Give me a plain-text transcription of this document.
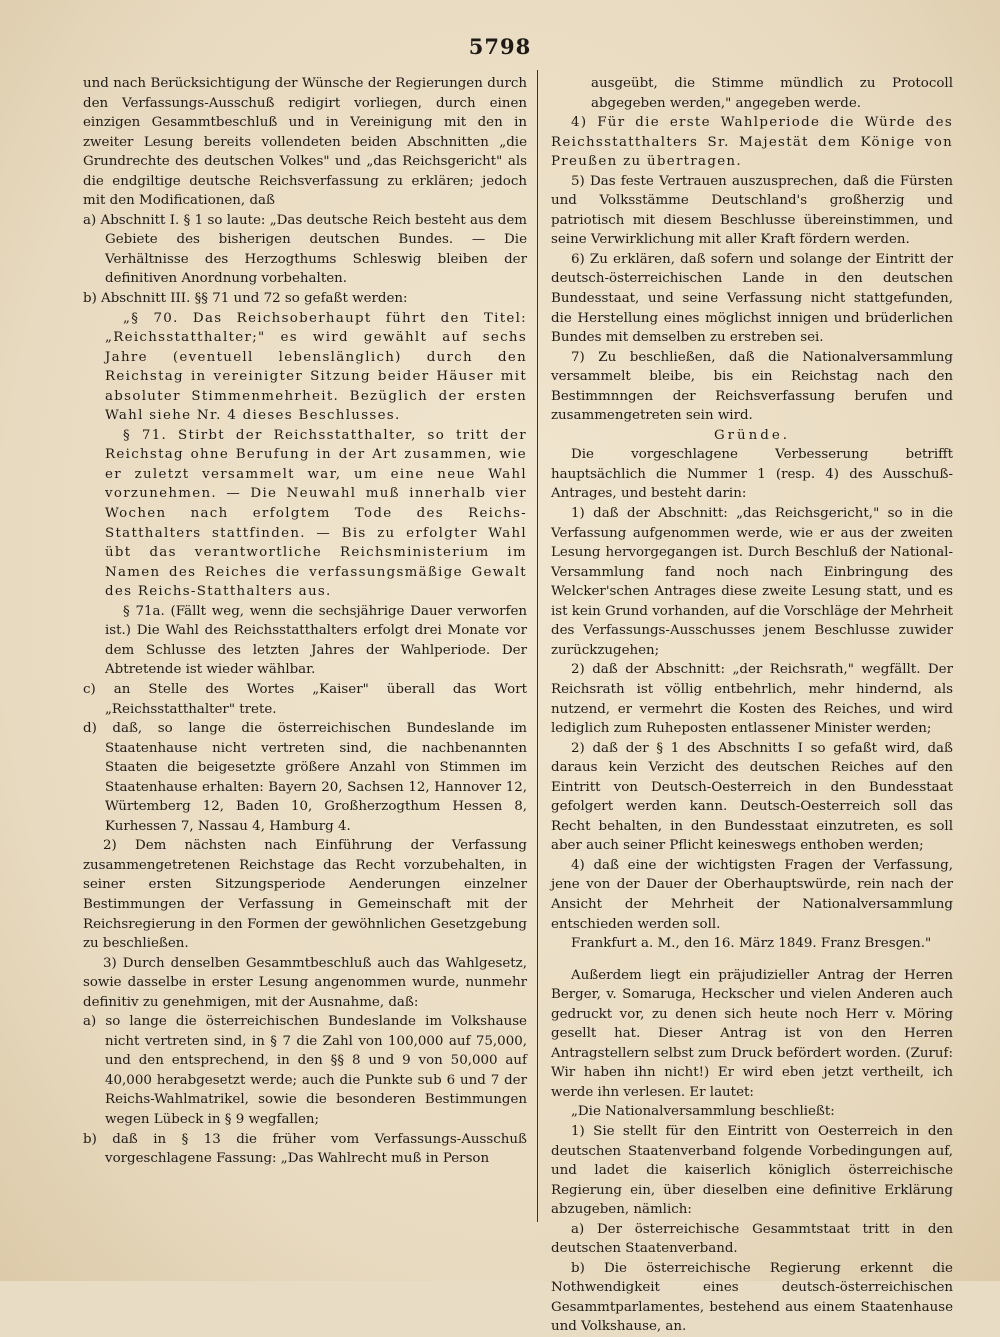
5798

und nach Berücksichtigung der Wünsche der Regierungen durch den Verfassungs-Ausschuß redigirt vorliegen, durch einen einzigen Gesammtbeschluß und in Vereinigung mit den in zweiter Lesung bereits vollendeten beiden Abschnitten „die Grundrechte des deutschen Volkes" und „das Reichsgericht" als die endgiltige deutsche Reichsverfassung zu erklären; jedoch mit den Modificationen, daß

a) Abschnitt I. § 1 so laute: „Das deutsche Reich besteht aus dem Gebiete des bisherigen deutschen Bundes. — Die Verhältnisse des Herzogthums Schleswig bleiben der definitiven Anordnung vorbehalten.

b) Abschnitt III. §§ 71 und 72 so gefaßt werden:

„§ 70. Das Reichsoberhaupt führt den Titel: „Reichsstatthalter;" es wird gewählt auf sechs Jahre (eventuell lebenslänglich) durch den Reichstag in vereinigter Sitzung beider Häuser mit absoluter Stimmenmehrheit. Bezüglich der ersten Wahl siehe Nr. 4 dieses Beschlusses.

§ 71. Stirbt der Reichsstatthalter, so tritt der Reichstag ohne Berufung in der Art zusammen, wie er zuletzt versammelt war, um eine neue Wahl vorzunehmen. — Die Neuwahl muß innerhalb vier Wochen nach erfolgtem Tode des Reichs-Statthalters stattfinden. — Bis zu erfolgter Wahl übt das verantwortliche Reichsministerium im Namen des Reiches die verfassungsmäßige Gewalt des Reichs-Statthalters aus.

§ 71a. (Fällt weg, wenn die sechsjährige Dauer verworfen ist.) Die Wahl des Reichsstatthalters erfolgt drei Monate vor dem Schlusse des letzten Jahres der Wahlperiode. Der Abtretende ist wieder wählbar.

c) an Stelle des Wortes „Kaiser" überall das Wort „Reichsstatthalter" trete.

d) daß, so lange die österreichischen Bundeslande im Staatenhause nicht vertreten sind, die nachbenannten Staaten die beigesetzte größere Anzahl von Stimmen im Staatenhause erhalten: Bayern 20, Sachsen 12, Hannover 12, Würtemberg 12, Baden 10, Großherzogthum Hessen 8, Kurhessen 7, Nassau 4, Hamburg 4.

2) Dem nächsten nach Einführung der Verfassung zusammengetretenen Reichstage das Recht vorzubehalten, in seiner ersten Sitzungsperiode Aenderungen einzelner Bestimmungen der Verfassung in Gemeinschaft mit der Reichsregierung in den Formen der gewöhnlichen Gesetzgebung zu beschließen.

3) Durch denselben Gesammtbeschluß auch das Wahlgesetz, sowie dasselbe in erster Lesung angenommen wurde, nunmehr definitiv zu genehmigen, mit der Ausnahme, daß:

a) so lange die österreichischen Bundeslande im Volkshause nicht vertreten sind, in § 7 die Zahl von 100,000 auf 75,000, und den entsprechend, in den §§ 8 und 9 von 50,000 auf 40,000 herabgesetzt werde; auch die Punkte sub 6 und 7 der Reichs-Wahlmatrikel, sowie die besonderen Bestimmungen wegen Lübeck in § 9 wegfallen;

b) daß in § 13 die früher vom Verfassungs-Ausschuß vorgeschlagene Fassung: „Das Wahlrecht muß in Person

ausgeübt, die Stimme mündlich zu Protocoll abgegeben werden," angegeben werde.

4) Für die erste Wahlperiode die Würde des Reichsstatthalters Sr. Majestät dem Könige von Preußen zu übertragen.

5) Das feste Vertrauen auszusprechen, daß die Fürsten und Volksstämme Deutschland's großherzig und patriotisch mit diesem Beschlusse übereinstimmen, und seine Verwirklichung mit aller Kraft fördern werden.

6) Zu erklären, daß sofern und solange der Eintritt der deutsch-österreichischen Lande in den deutschen Bundesstaat, und seine Verfassung nicht stattgefunden, die Herstellung eines möglichst innigen und brüderlichen Bundes mit demselben zu erstreben sei.

7) Zu beschließen, daß die Nationalversammlung versammelt bleibe, bis ein Reichstag nach den Bestimmnngen der Reichsverfassung berufen und zusammengetreten sein wird.

Gründe.

Die vorgeschlagene Verbesserung betrifft hauptsächlich die Nummer 1 (resp. 4) des Ausschuß-Antrages, und besteht darin:

1) daß der Abschnitt: „das Reichsgericht," so in die Verfassung aufgenommen werde, wie er aus der zweiten Lesung hervorgegangen ist. Durch Beschluß der National-Versammlung fand noch nach Einbringung des Welcker'schen Antrages diese zweite Lesung statt, und es ist kein Grund vorhanden, auf die Vorschläge der Mehrheit des Verfassungs-Ausschusses jenem Beschlusse zuwider zurückzugehen;

2) daß der Abschnitt: „der Reichsrath," wegfällt. Der Reichsrath ist völlig entbehrlich, mehr hindernd, als nutzend, er vermehrt die Kosten des Reiches, und wird lediglich zum Ruheposten entlassener Minister werden;

2) daß der § 1 des Abschnitts I so gefaßt wird, daß daraus kein Verzicht des deutschen Reiches auf den Eintritt von Deutsch-Oesterreich in den Bundesstaat gefolgert werden kann. Deutsch-Oesterreich soll das Recht behalten, in den Bundesstaat einzutreten, es soll aber auch seiner Pflicht keineswegs enthoben werden;

4) daß eine der wichtigsten Fragen der Verfassung, jene von der Dauer der Oberhauptswürde, rein nach der Ansicht der Mehrheit der Nationalversammlung entschieden werden soll.

Frankfurt a. M., den 16. März 1849. Franz Bresgen."

Außerdem liegt ein präjudizieller Antrag der Herren Berger, v. Somaruga, Heckscher und vielen Anderen auch gedruckt vor, zu denen sich heute noch Herr v. Möring gesellt hat. Dieser Antrag ist von den Herren Antragstellern selbst zum Druck befördert worden. (Zuruf: Wir haben ihn nicht!) Er wird eben jetzt vertheilt, ich werde ihn verlesen. Er lautet:

„Die Nationalversammlung beschließt:

1) Sie stellt für den Eintritt von Oesterreich in den deutschen Staatenverband folgende Vorbedingungen auf, und ladet die kaiserlich königlich österreichische Regierung ein, über dieselben eine definitive Erklärung abzugeben, nämlich:

a) Der österreichische Gesammtstaat tritt in den deutschen Staatenverband.

b) Die österreichische Regierung erkennt die Nothwendigkeit eines deutsch-österreichischen Gesammtparlamentes, bestehend aus einem Staatenhause und Volkshause, an.
